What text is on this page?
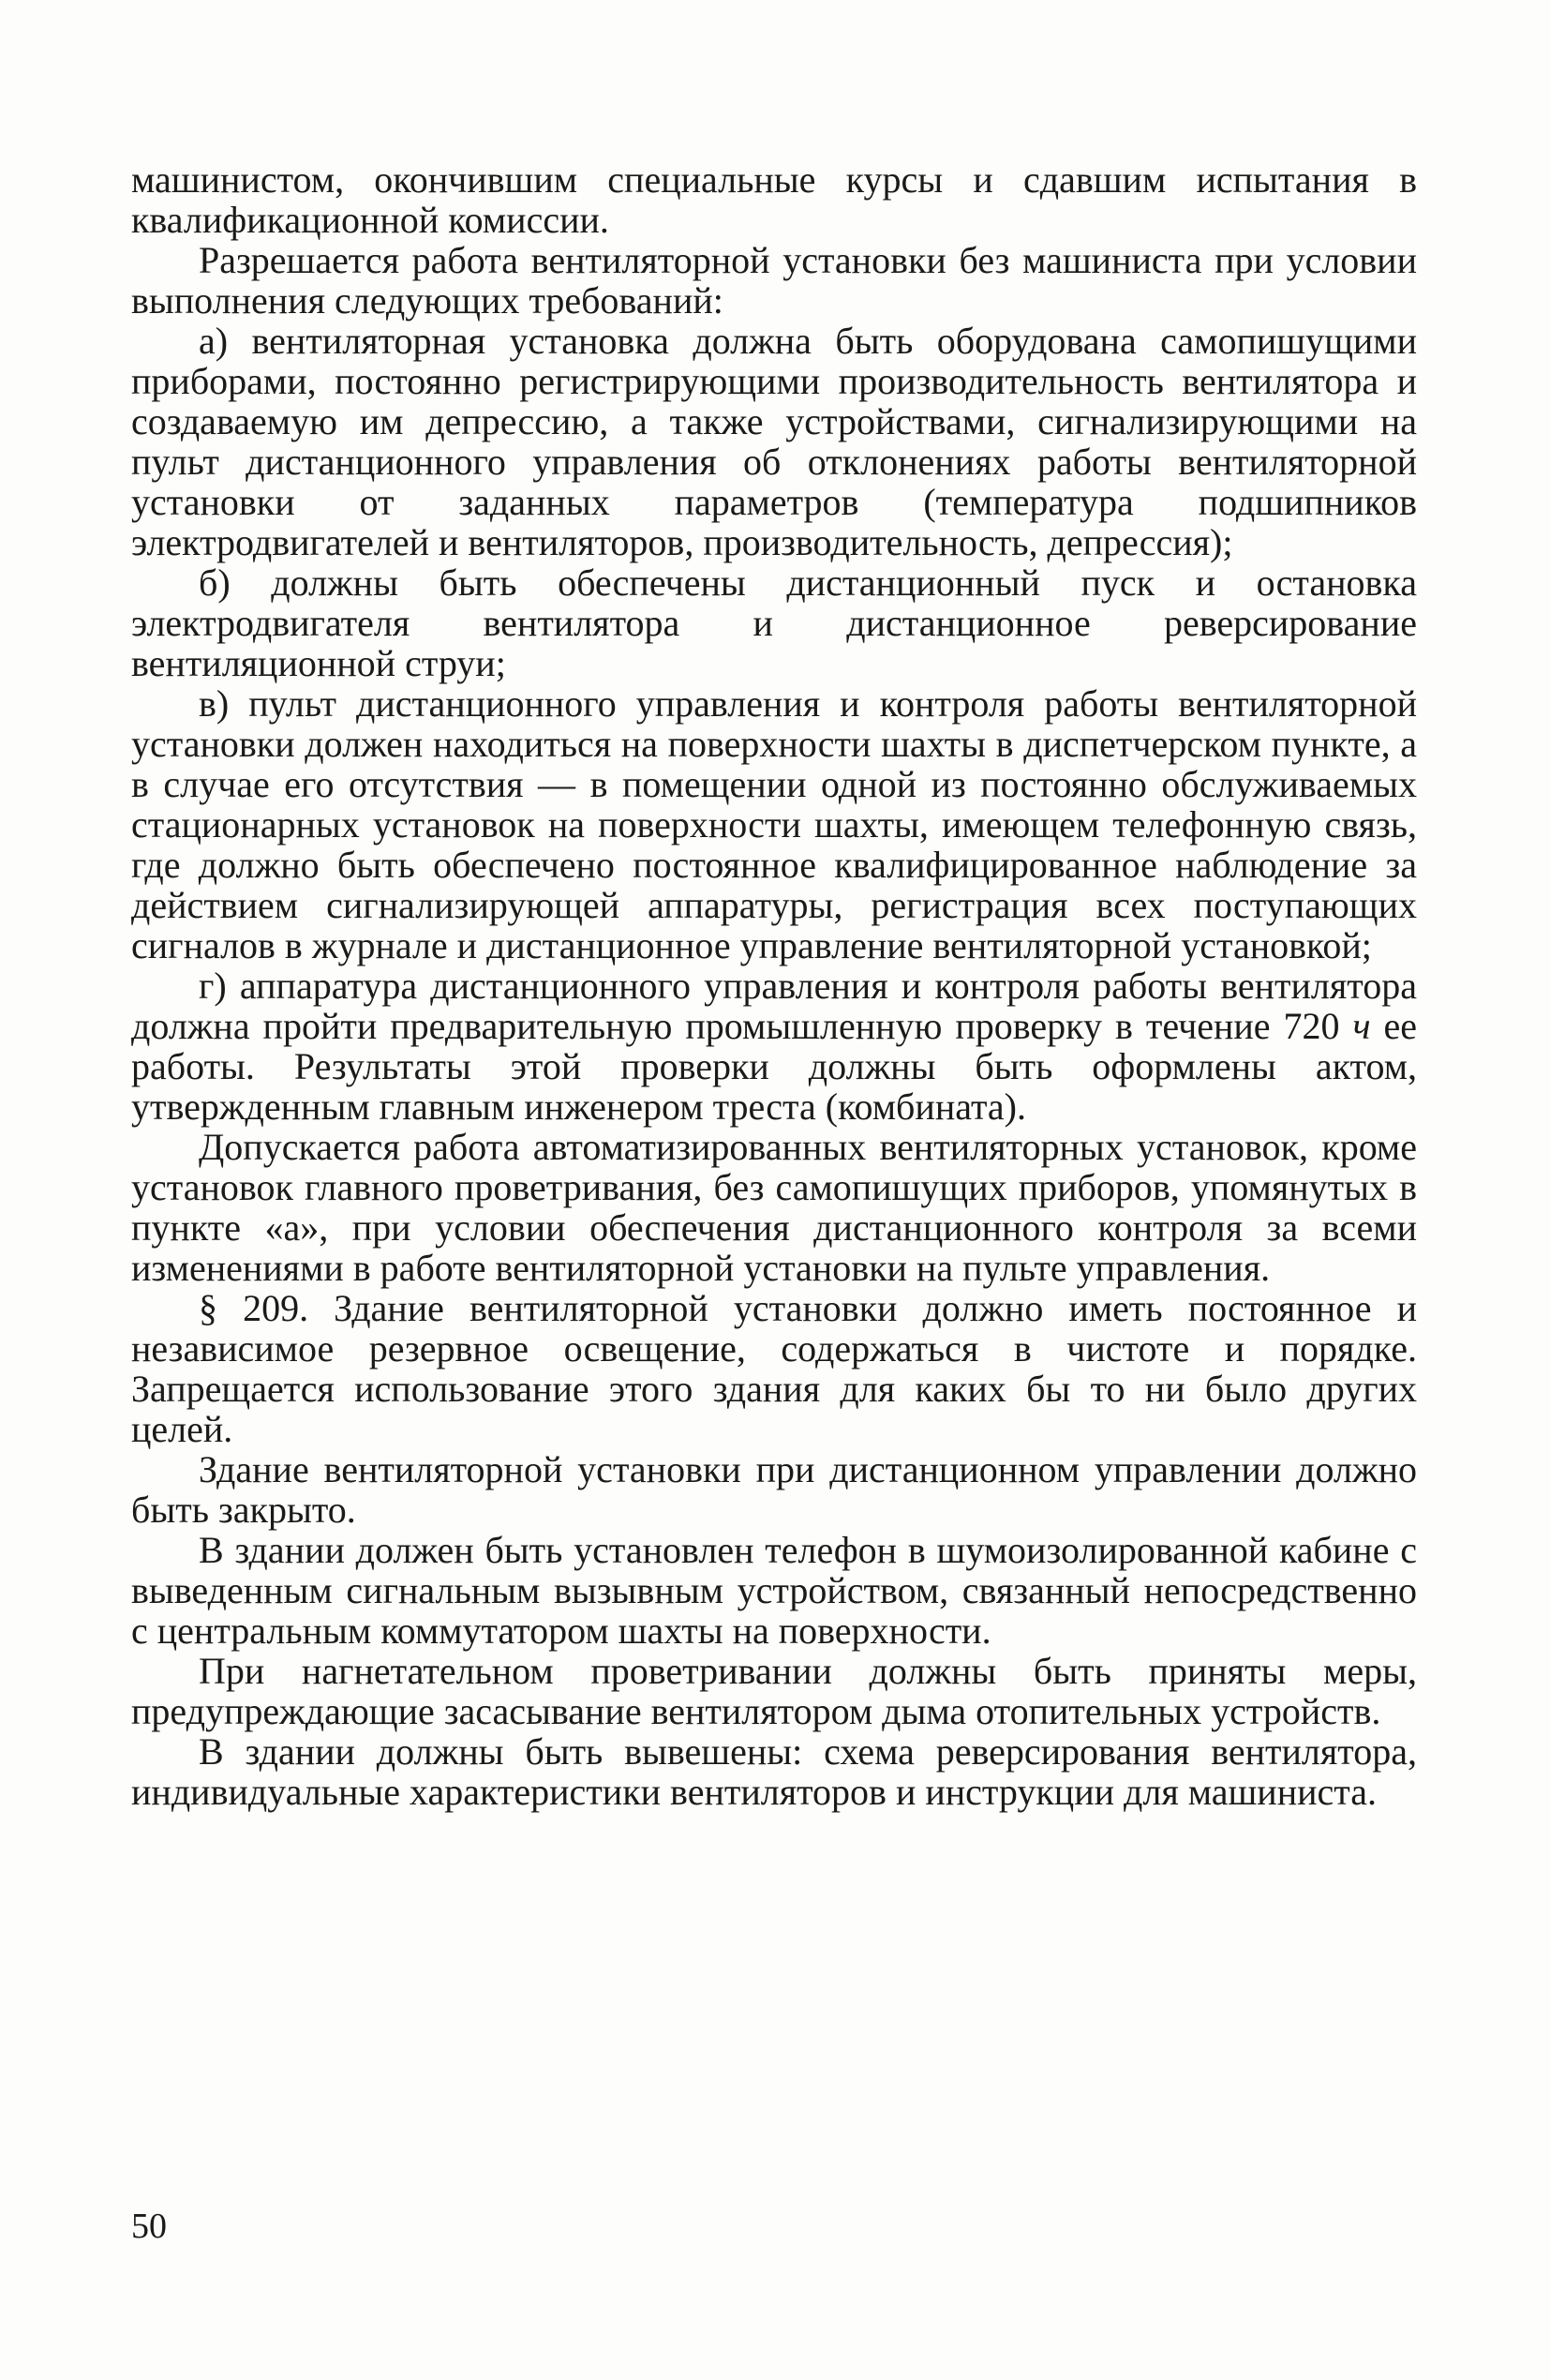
машинистом, окончившим специальные курсы и сдавшим испытания в квалификационной комиссии.

Разрешается работа вентиляторной установки без машиниста при условии выполнения следующих требований:

а) вентиляторная установка должна быть оборудована самопишущими приборами, постоянно регистрирующими производительность вентилятора и создаваемую им депрессию, а также устройствами, сигнализирующими на пульт дистанционного управления об отклонениях работы вентиляторной установки от заданных параметров (температура подшипников электродвигателей и вентиляторов, производительность, депрессия);

б) должны быть обеспечены дистанционный пуск и остановка электродвигателя вентилятора и дистанционное реверсирование вентиляционной струи;

в) пульт дистанционного управления и контроля работы вентиляторной установки должен находиться на поверхности шахты в диспетчерском пункте, а в случае его отсутствия — в помещении одной из постоянно обслуживаемых стационарных установок на поверхности шахты, имеющем телефонную связь, где должно быть обеспечено постоянное квалифицированное наблюдение за действием сигнализирующей аппаратуры, регистрация всех поступающих сигналов в журнале и дистанционное управление вентиляторной установкой;

г) аппаратура дистанционного управления и контроля работы вентилятора должна пройти предварительную промышленную проверку в течение 720 ч ее работы. Результаты этой проверки должны быть оформлены актом, утвержденным главным инженером треста (комбината).

Допускается работа автоматизированных вентиляторных установок, кроме установок главного проветривания, без самопишущих приборов, упомянутых в пункте «а», при условии обеспечения дистанционного контроля за всеми изменениями в работе вентиляторной установки на пульте управления.

§ 209. Здание вентиляторной установки должно иметь постоянное и независимое резервное освещение, содержаться в чистоте и порядке. Запрещается использование этого здания для каких бы то ни было других целей.

Здание вентиляторной установки при дистанционном управлении должно быть закрыто.

В здании должен быть установлен телефон в шумоизолированной кабине с выведенным сигнальным вызывным устройством, связанный непосредственно с центральным коммутатором шахты на поверхности.

При нагнетательном проветривании должны быть приняты меры, предупреждающие засасывание вентилятором дыма отопительных устройств.

В здании должны быть вывешены: схема реверсирования вентилятора, индивидуальные характеристики вентиляторов и инструкции для машиниста.

50
